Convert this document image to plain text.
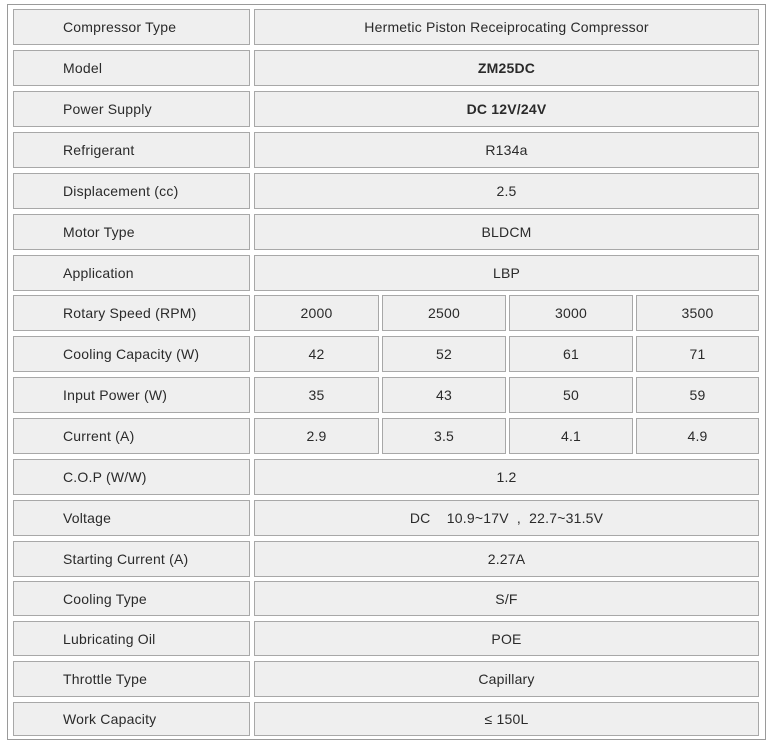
Compressor Type	Hermetic Piston Receiprocating Compressor
Model	ZM25DC
Power Supply	DC 12V/24V
Refrigerant	R134a
Displacement (cc)	2.5
Motor Type	BLDCM
Application	LBP
Rotary Speed (RPM)	2000	2500	3000	3500
Cooling Capacity (W)	42	52	61	71
Input Power (W)	35	43	50	59
Current (A)	2.9	3.5	4.1	4.9
C.O.P (W/W)	1.2
Voltage	DC    10.9~17V  ,  22.7~31.5V
Starting Current (A)	2.27A
Cooling Type	S/F
Lubricating Oil	POE
Throttle Type	Capillary
Work Capacity	≤ 150L
